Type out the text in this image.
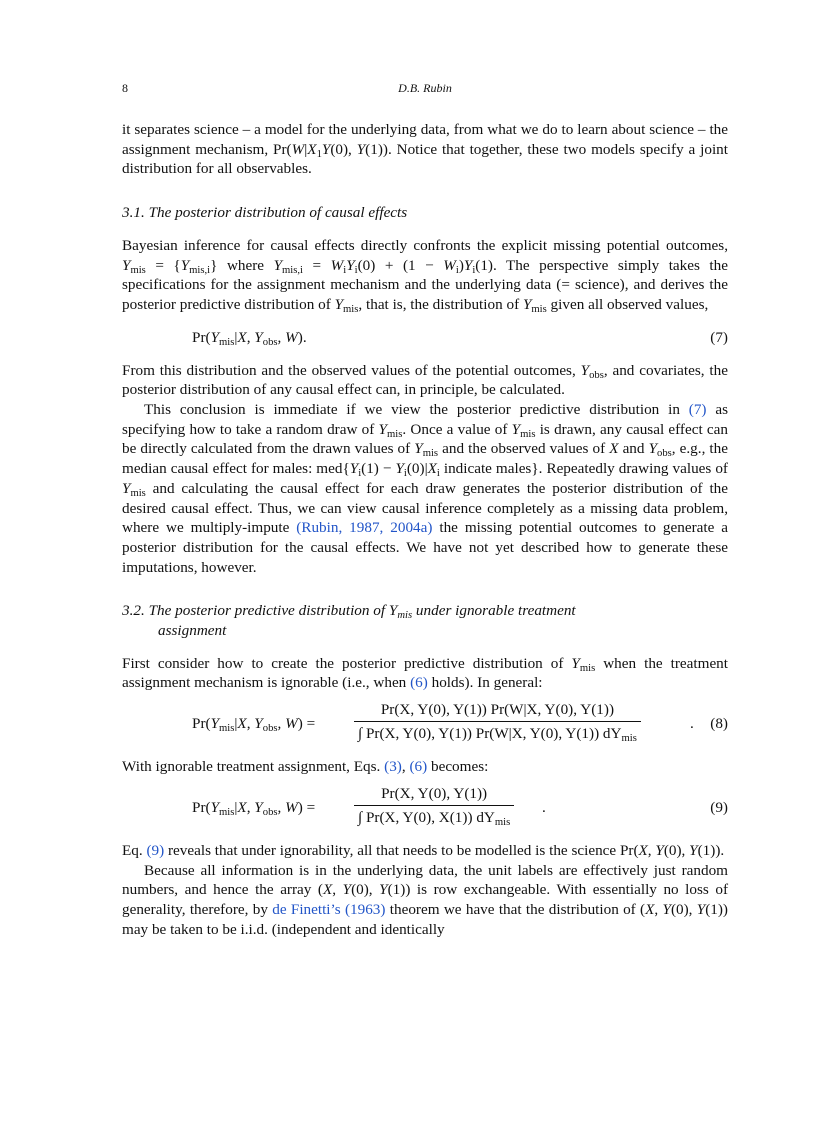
8	D.B. Rubin

it separates science – a model for the underlying data, from what we do to learn about science – the assignment mechanism, $Pr(W|X_1Y(0)$, Y(1)). Notice that together, these two models specify a joint distribution for all observables.

3.1. The posterior distribution of causal effects

Bayesian inference for causal effects directly confronts the explicit missing potential outcomes, $Y_{mis} = \{Y_{mis,i}\}$ where $Y_{mis,i} = W_iY_i(0) + (1 - W_i)Y_i(1)$. The perspective simply takes the specifications for the assignment mechanism and the underlying data (= science), and derives the posterior predictive distribution of $Y_{mis}$, that is, the distribution of $Y_{mis}$ given all observed values,

$Pr(Y_{mis}|X$, $Y_{obs}$, W).	(7)

From this distribution and the observed values of the potential outcomes, $Y_{obs}$, and covariates, the posterior distribution of any causal effect can, in principle, be calculated.

This conclusion is immediate if we view the posterior predictive distribution in (7) as specifying how to take a random draw of $Y_{mis}$. Once a value of $Y_{mis}$ is drawn, any causal effect can be directly calculated from the drawn values of $Y_{mis}$ and the observed values of X and $Y_{obs}$, e.g., the median causal effect for males: $med\{Y_i(1) - Y_i(0)|X_i$ indicate males}. Repeatedly drawing values of $Y_{mis}$ and calculating the causal effect for each draw generates the posterior distribution of the desired causal effect. Thus, we can view causal inference completely as a missing data problem, where we multiply-impute (Rubin, 1987, 2004a) the missing potential outcomes to generate a posterior distribution for the causal effects. We have not yet described how to generate these imputations, however.

3.2. The posterior predictive distribution of $Y_{mis}$ under ignorable treatment
assignment

First consider how to create the posterior predictive distribution of $Y_{mis}$ when the treatment assignment mechanism is ignorable (i.e., when (6) holds). In general:

$Pr(Y_{mis}|X$, $Y_{obs}$, W) =
Pr(X, Y(0), Y(1)) Pr(W|X, Y(0), Y(1))
∫ Pr(X, Y(0), Y(1)) Pr(W|X, Y(0), Y(1)) $dY_{mis}$
. (8)

With ignorable treatment assignment, Eqs. (3), (6) becomes:

$Pr(Y_{mis}|X$, $Y_{obs}$, W) =
Pr(X, Y(0), Y(1))
∫ Pr(X, Y(0), X(1)) $dY_{mis}$
.	(9)

Eq. (9) reveals that under ignorability, all that needs to be modelled is the science Pr(X, Y(0), Y(1)).

Because all information is in the underlying data, the unit labels are effectively just random numbers, and hence the array (X, Y(0), Y(1)) is row exchangeable. With essentially no loss of generality, therefore, by de Finetti’s (1963) theorem we have that the distribution of (X, Y(0), Y(1)) may be taken to be i.i.d. (independent and identically
